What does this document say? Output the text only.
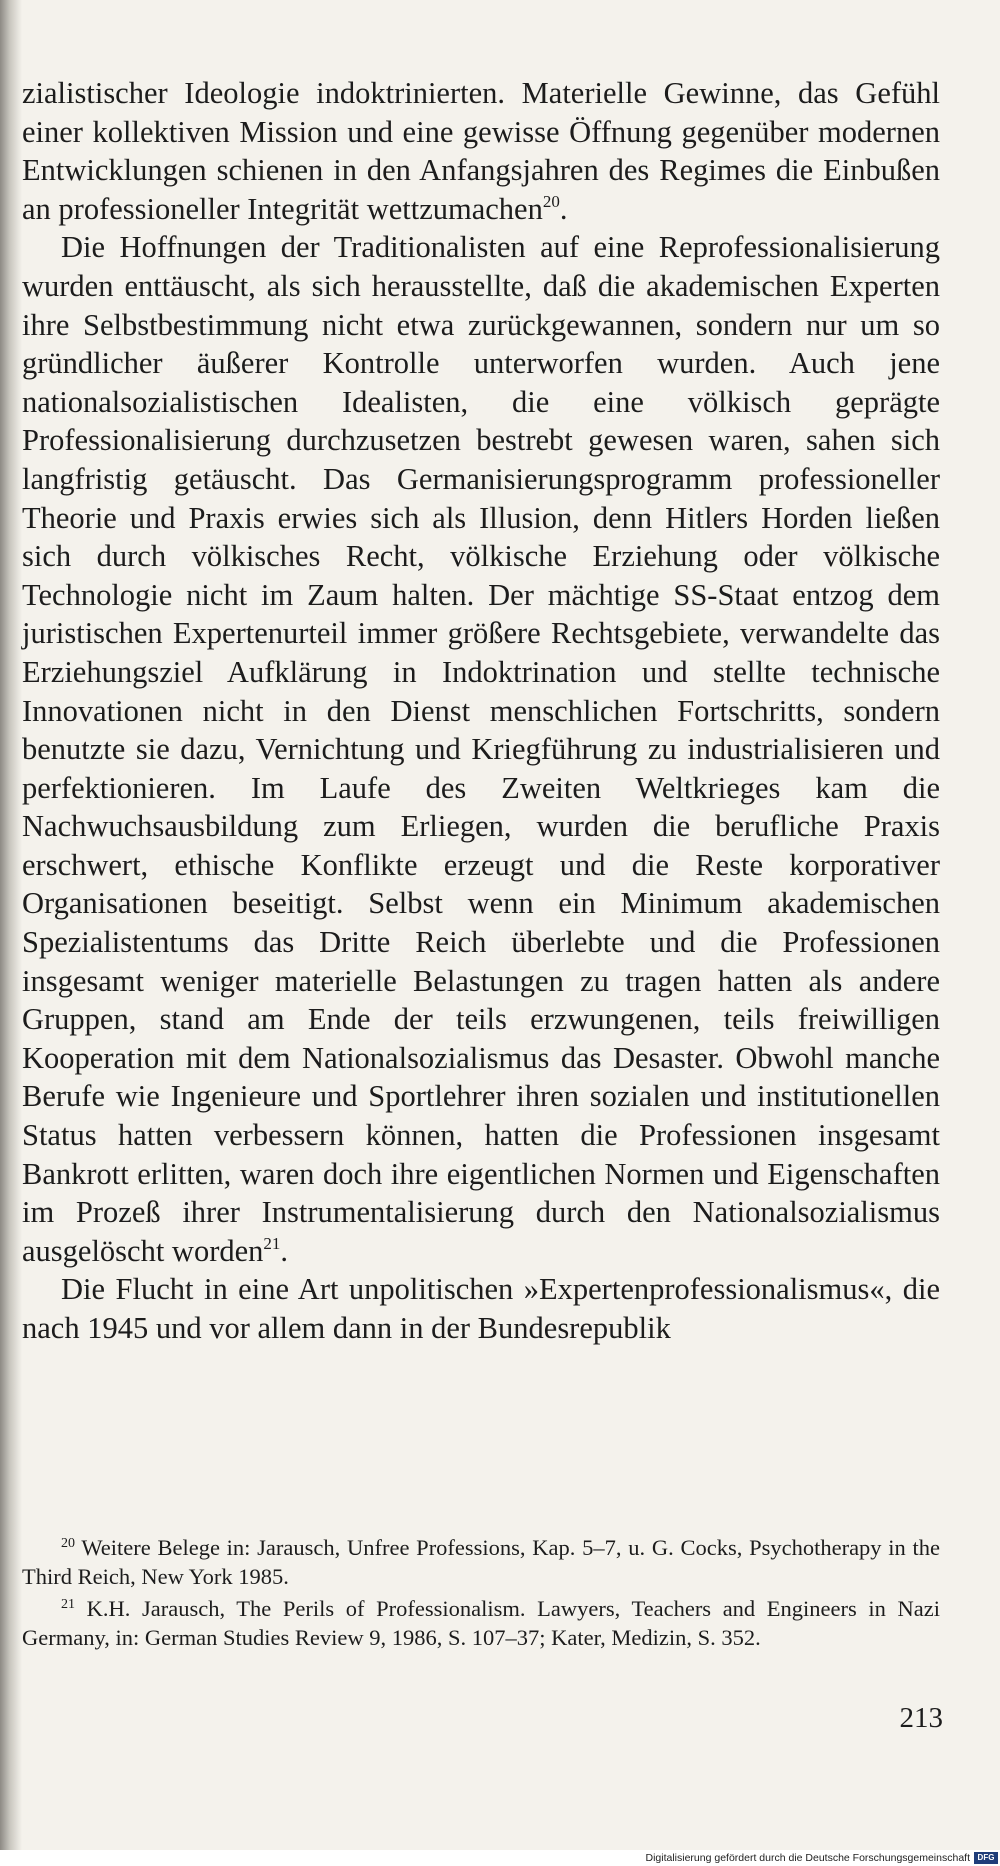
zialistischer Ideologie indoktrinierten. Materielle Gewinne, das Gefühl einer kollektiven Mission und eine gewisse Öffnung gegenüber modernen Entwicklungen schienen in den Anfangsjahren des Regimes die Einbußen an professioneller Integrität wettzumachen$^{20}$.

Die Hoffnungen der Traditionalisten auf eine Reprofessionalisierung wurden enttäuscht, als sich herausstellte, daß die akademischen Experten ihre Selbstbestimmung nicht etwa zurückgewannen, sondern nur um so gründlicher äußerer Kontrolle unterworfen wurden. Auch jene nationalsozialistischen Idealisten, die eine völkisch geprägte Professionalisierung durchzusetzen bestrebt gewesen waren, sahen sich langfristig getäuscht. Das Germanisierungsprogramm professioneller Theorie und Praxis erwies sich als Illusion, denn Hitlers Horden ließen sich durch völkisches Recht, völkische Erziehung oder völkische Technologie nicht im Zaum halten. Der mächtige SS-Staat entzog dem juristischen Expertenurteil immer größere Rechtsgebiete, verwandelte das Erziehungsziel Aufklärung in Indoktrination und stellte technische Innovationen nicht in den Dienst menschlichen Fortschritts, sondern benutzte sie dazu, Vernichtung und Kriegführung zu industrialisieren und perfektionieren. Im Laufe des Zweiten Weltkrieges kam die Nachwuchsausbildung zum Erliegen, wurden die berufliche Praxis erschwert, ethische Konflikte erzeugt und die Reste korporativer Organisationen beseitigt. Selbst wenn ein Minimum akademischen Spezialistentums das Dritte Reich überlebte und die Professionen insgesamt weniger materielle Belastungen zu tragen hatten als andere Gruppen, stand am Ende der teils erzwungenen, teils freiwilligen Kooperation mit dem Nationalsozialismus das Desaster. Obwohl manche Berufe wie Ingenieure und Sportlehrer ihren sozialen und institutionellen Status hatten verbessern können, hatten die Professionen insgesamt Bankrott erlitten, waren doch ihre eigentlichen Normen und Eigenschaften im Prozeß ihrer Instrumentalisierung durch den Nationalsozialismus ausgelöscht worden$^{21}$.

Die Flucht in eine Art unpolitischen »Expertenprofessionalismus«, die nach 1945 und vor allem dann in der Bundesrepublik

$^{20}$ Weitere Belege in: Jarausch, Unfree Professions, Kap. 5–7, u. G. Cocks, Psychotherapy in the Third Reich, New York 1985.

$^{21}$ K.H. Jarausch, The Perils of Professionalism. Lawyers, Teachers and Engineers in Nazi Germany, in: German Studies Review 9, 1986, S. 107–37; Kater, Medizin, S. 352.

213
Digitalisierung gefördert durch die Deutsche Forschungsgemeinschaft DFG
